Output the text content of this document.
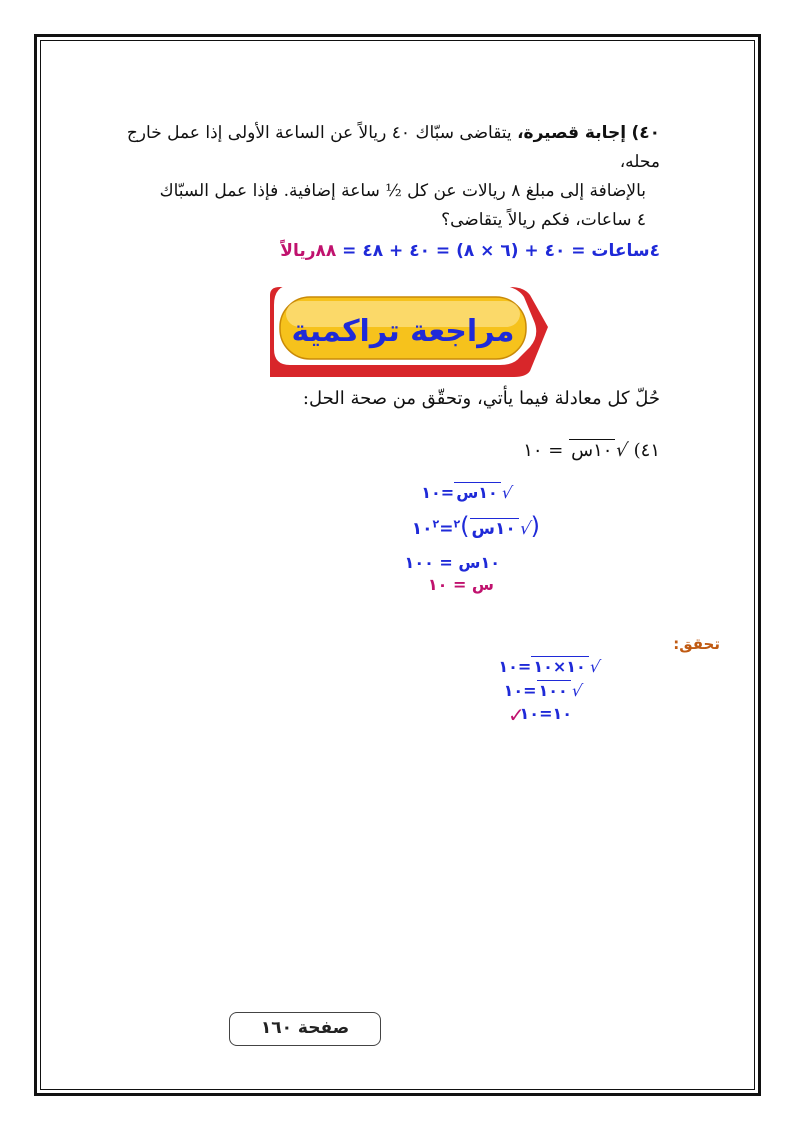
٤٠) إجابة قصيرة، يتقاضى سبّاك ٤٠ ريالاً عن الساعة الأولى إذا عمل خارج محله،
بالإضافة إلى مبلغ ٨ ريالات عن كل ½ ساعة إضافية. فإذا عمل السبّاك
٤ ساعات، فكم ريالاً يتقاضى؟
٤ساعات = ٤٠ + (٦ × ٨) = ٤٠ + ٤٨ = ٨٨ريالاً
مراجعة تراكمية
حُلّ كل معادلة فيما يأتي، وتحقّق من صحة الحل:
٤١) √١٠س = ١٠
√١٠س=١٠
$(√١٠س)^٢=١٠^٢$
١٠س = ١٠٠
س = ١٠
تحقق:
√١٠×١٠=١٠
√١٠٠=١٠
١٠=١٠
✓
صفحة ١٦٠
